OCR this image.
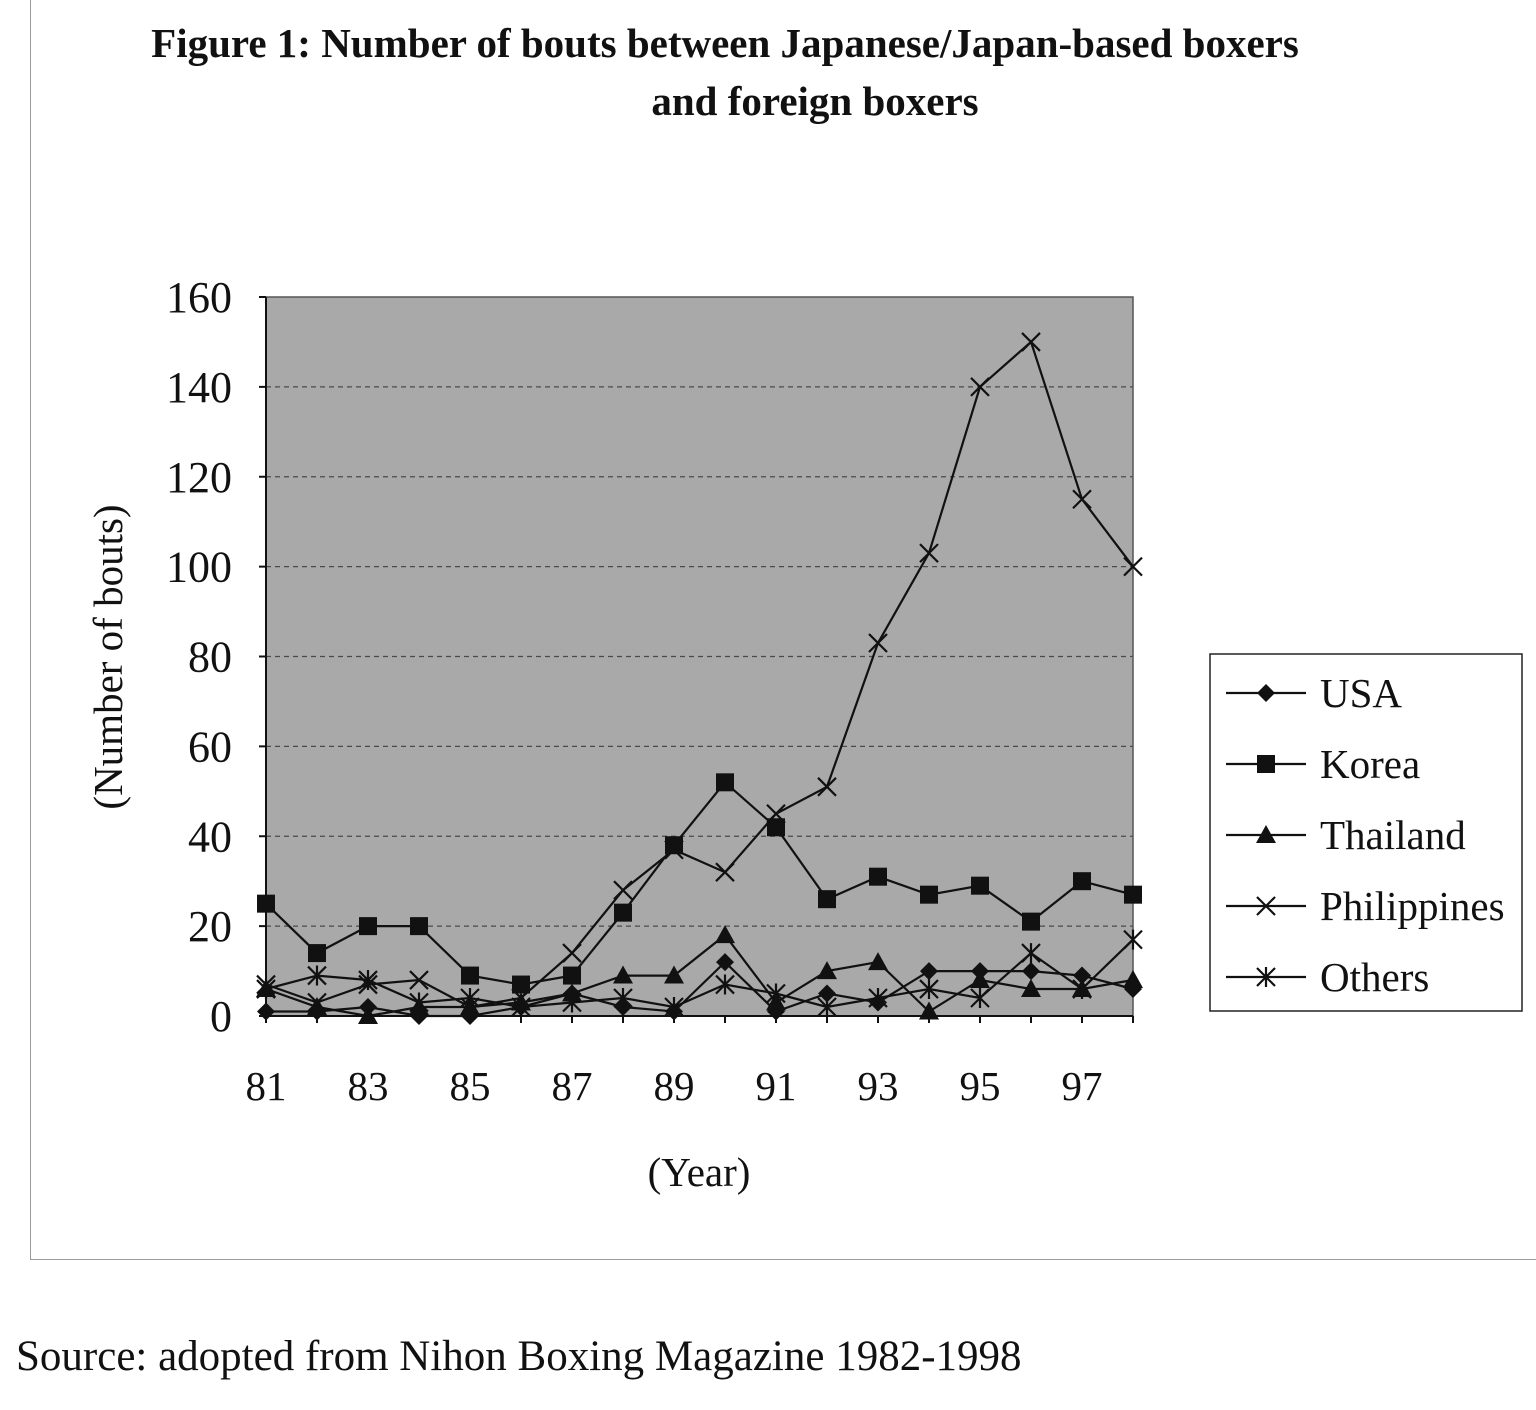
Figure 1: Number of bouts between Japanese/Japan-based boxers
and foreign boxers
0
20
40
60
80
100
120
140
160
81 83 85 87 89 91 93 95 97
(Number of bouts)
(Year)
USA
Korea
Thailand
Philippines
Others

Source: adopted from Nihon Boxing Magazine 1982-1998
